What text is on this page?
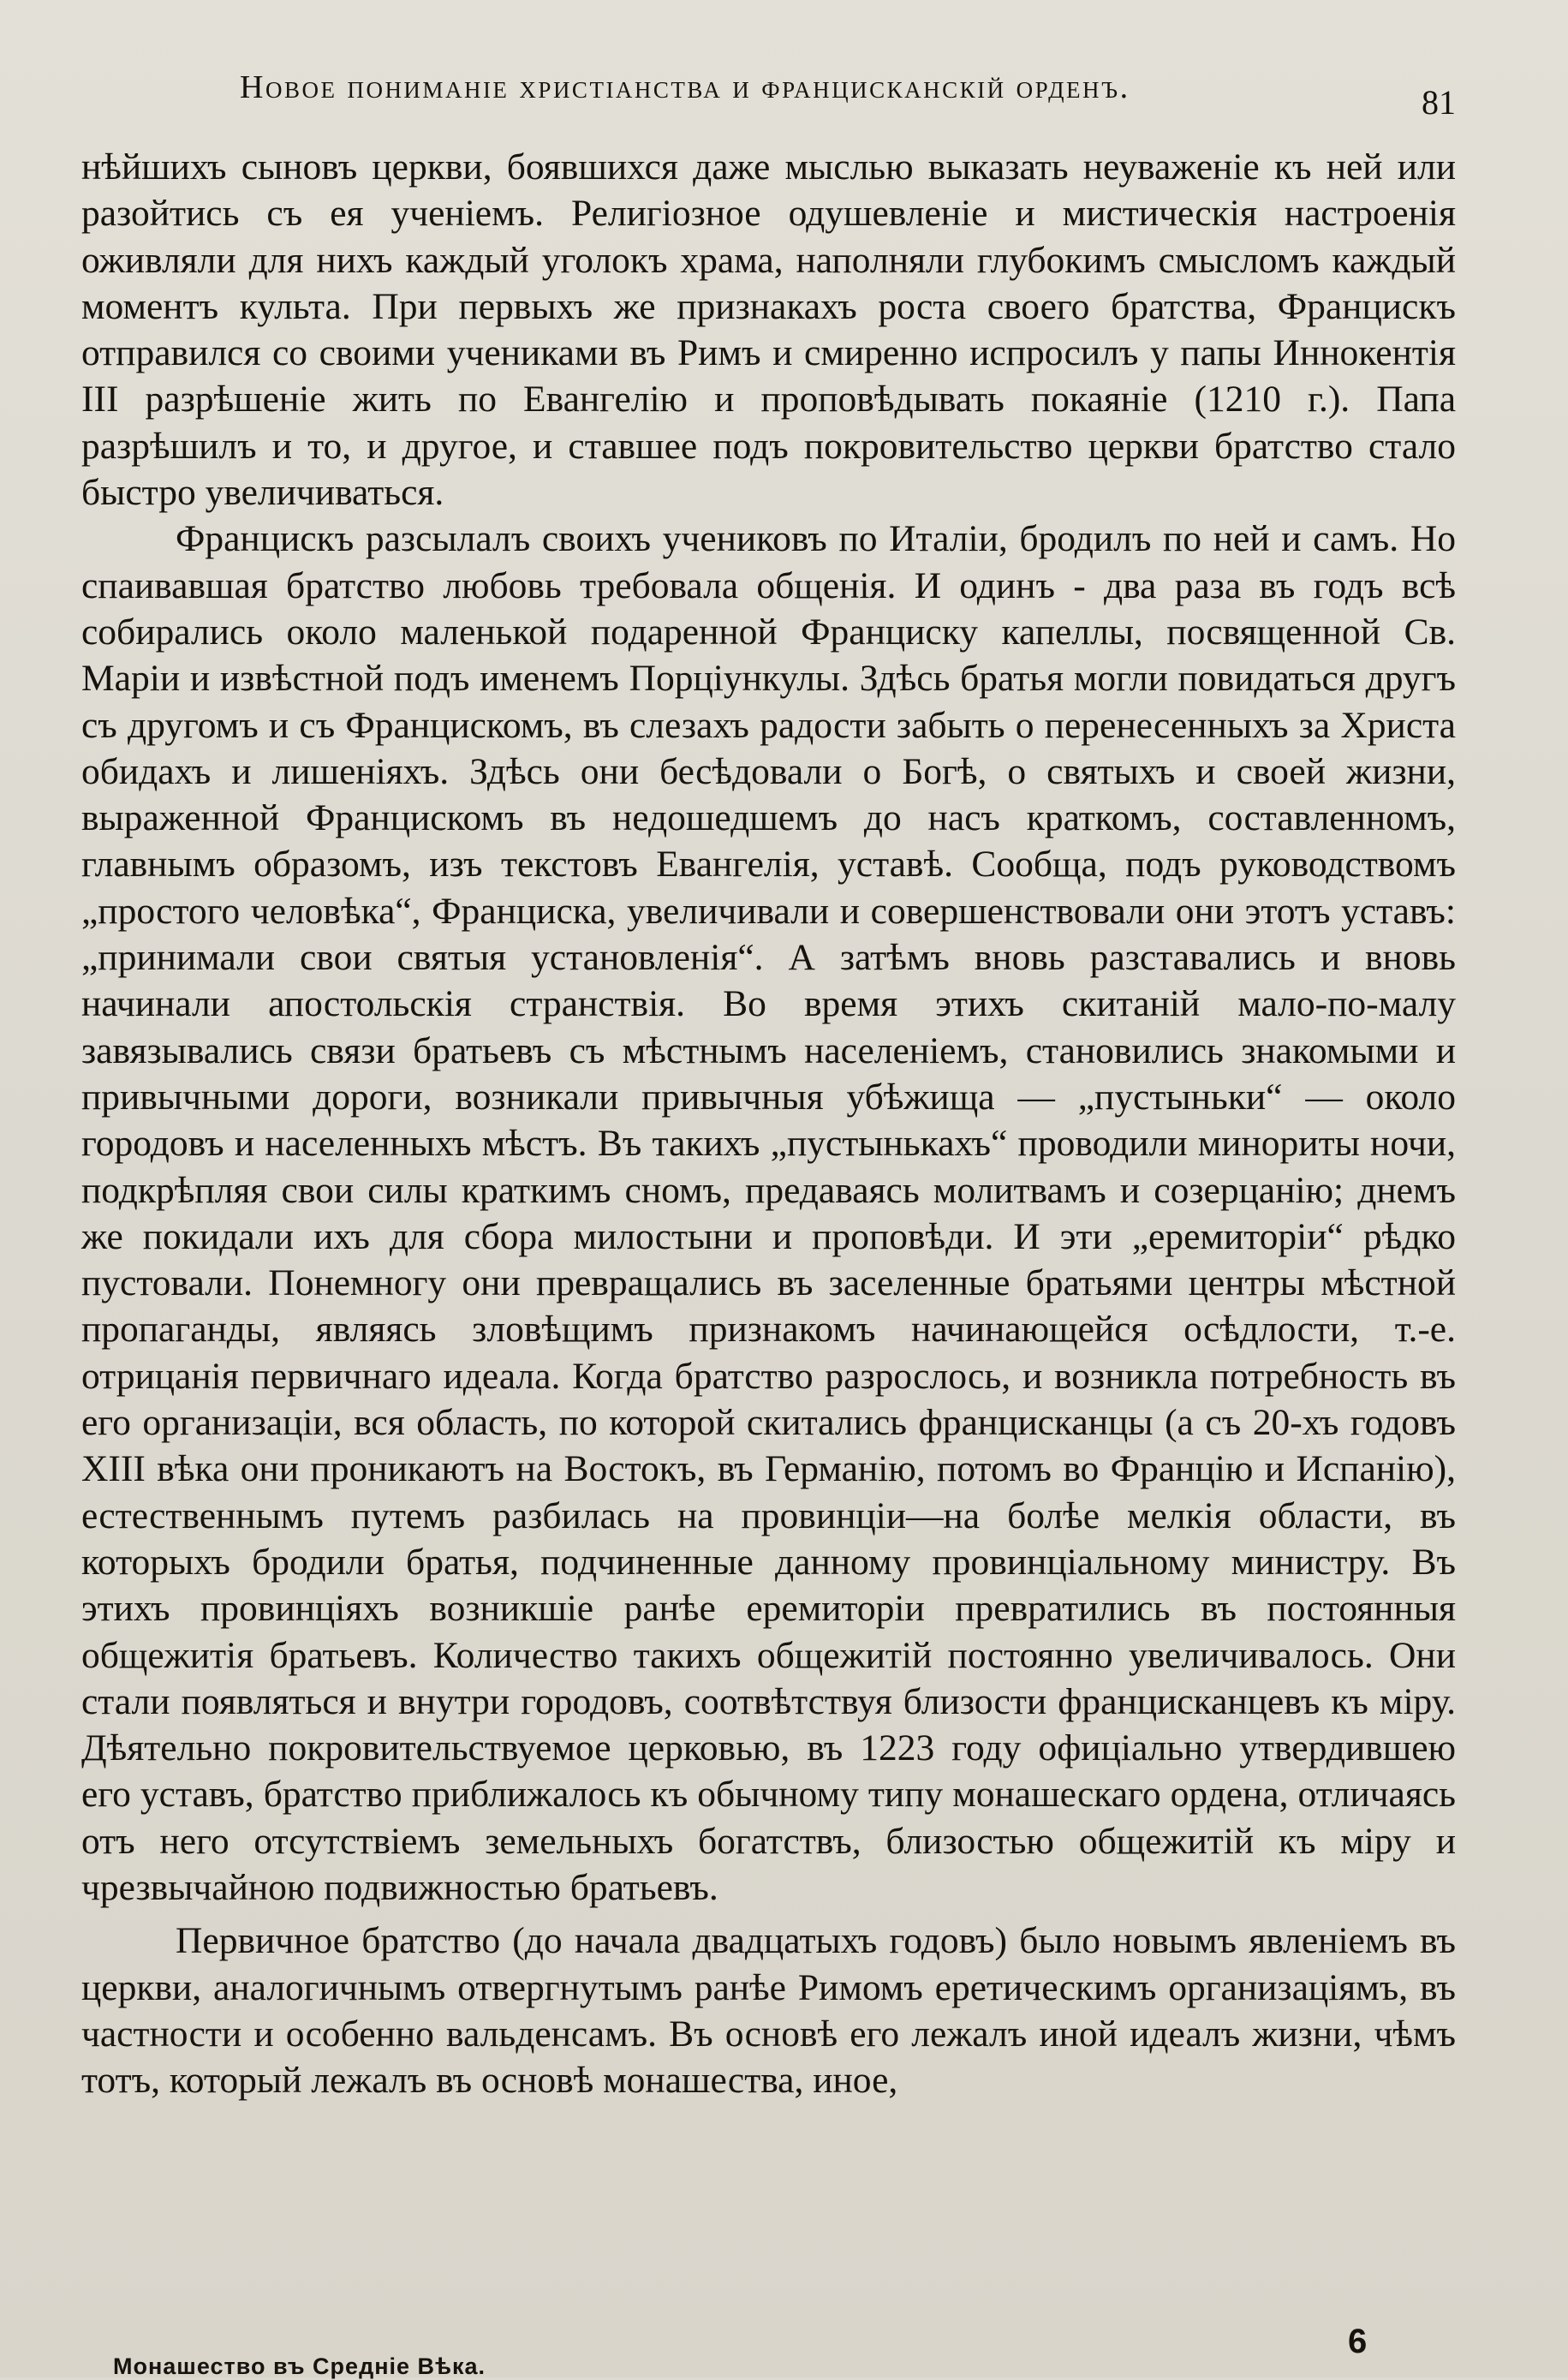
Новое пониманіе христіанства и францисканскій орденъ.	81

нѣйшихъ сыновъ церкви, боявшихся даже мыслью выказать неуваженіе къ ней или разойтись съ ея ученіемъ. Религіозное одушевленіе и мистическія настроенія оживляли для нихъ каждый уголокъ храма, наполняли глубокимъ смысломъ каждый моментъ культа. При первыхъ же признакахъ роста своего братства, Францискъ отправился со своими учениками въ Римъ и смиренно испросилъ у папы Иннокентія III разрѣшеніе жить по Евангелію и проповѣдывать покаяніе (1210 г.). Папа разрѣшилъ и то, и другое, и ставшее подъ покровительство церкви братство стало быстро увеличиваться.

Францискъ разсылалъ своихъ учениковъ по Италіи, бродилъ по ней и самъ. Но спаивавшая братство любовь требовала общенія. И одинъ - два раза въ годъ всѣ собирались около маленькой подаренной Франциску капеллы, посвященной Св. Маріи и извѣстной подъ именемъ Порціункулы. Здѣсь братья могли повидаться другъ съ другомъ и съ Францискомъ, въ слезахъ радости забыть о перенесенныхъ за Христа обидахъ и лишеніяхъ. Здѣсь они бесѣдовали о Богѣ, о святыхъ и своей жизни, выраженной Францискомъ въ недошедшемъ до насъ краткомъ, составленномъ, главнымъ образомъ, изъ текстовъ Евангелія, уставѣ. Сообща, подъ руководствомъ „простого человѣка“, Франциска, увеличивали и совершенствовали они этотъ уставъ: „принимали свои святыя установленія“. А затѣмъ вновь разставались и вновь начинали апостольскія странствія. Во время этихъ скитаній мало-по-малу завязывались связи братьевъ съ мѣстнымъ населеніемъ, становились знакомыми и привычными дороги, возникали привычныя убѣжища — „пустыньки“ — около городовъ и населенныхъ мѣстъ. Въ такихъ „пустынькахъ“ проводили минориты ночи, подкрѣпляя свои силы краткимъ сномъ, предаваясь молитвамъ и созерцанію; днемъ же покидали ихъ для сбора милостыни и проповѣди. И эти „еремиторіи“ рѣдко пустовали. Понемногу они превращались въ заселенные братьями центры мѣстной пропаганды, являясь зловѣщимъ признакомъ начинающейся осѣдлости, т.-е. отрицанія первичнаго идеала. Когда братство разрослось, и возникла потребность въ его организаціи, вся область, по которой скитались францисканцы (а съ 20-хъ годовъ XIII вѣка они проникаютъ на Востокъ, въ Германію, потомъ во Францію и Испанію), естественнымъ путемъ разбилась на провинціи—на болѣе мелкія области, въ которыхъ бродили братья, подчиненные данному провинціальному министру. Въ этихъ провинціяхъ возникшіе ранѣе еремиторіи превратились въ постоянныя общежитія братьевъ. Количество такихъ общежитій постоянно увеличивалось. Они стали появляться и внутри городовъ, соотвѣтствуя близости францисканцевъ къ міру. Дѣятельно покровительствуемое церковью, въ 1223 году офиціально утвердившею его уставъ, братство приближалось къ обычному типу монашескаго ордена, отличаясь отъ него отсутствіемъ земельныхъ богатствъ, близостью общежитій къ міру и чрезвычайною подвижностью братьевъ.

Первичное братство (до начала двадцатыхъ годовъ) было новымъ явленіемъ въ церкви, аналогичнымъ отвергнутымъ ранѣе Римомъ еретическимъ организаціямъ, въ частности и особенно вальденсамъ. Въ основѣ его лежалъ иной идеалъ жизни, чѣмъ тотъ, который лежалъ въ основѣ монашества, иное,

6
Монашество въ Средніе Вѣка.
